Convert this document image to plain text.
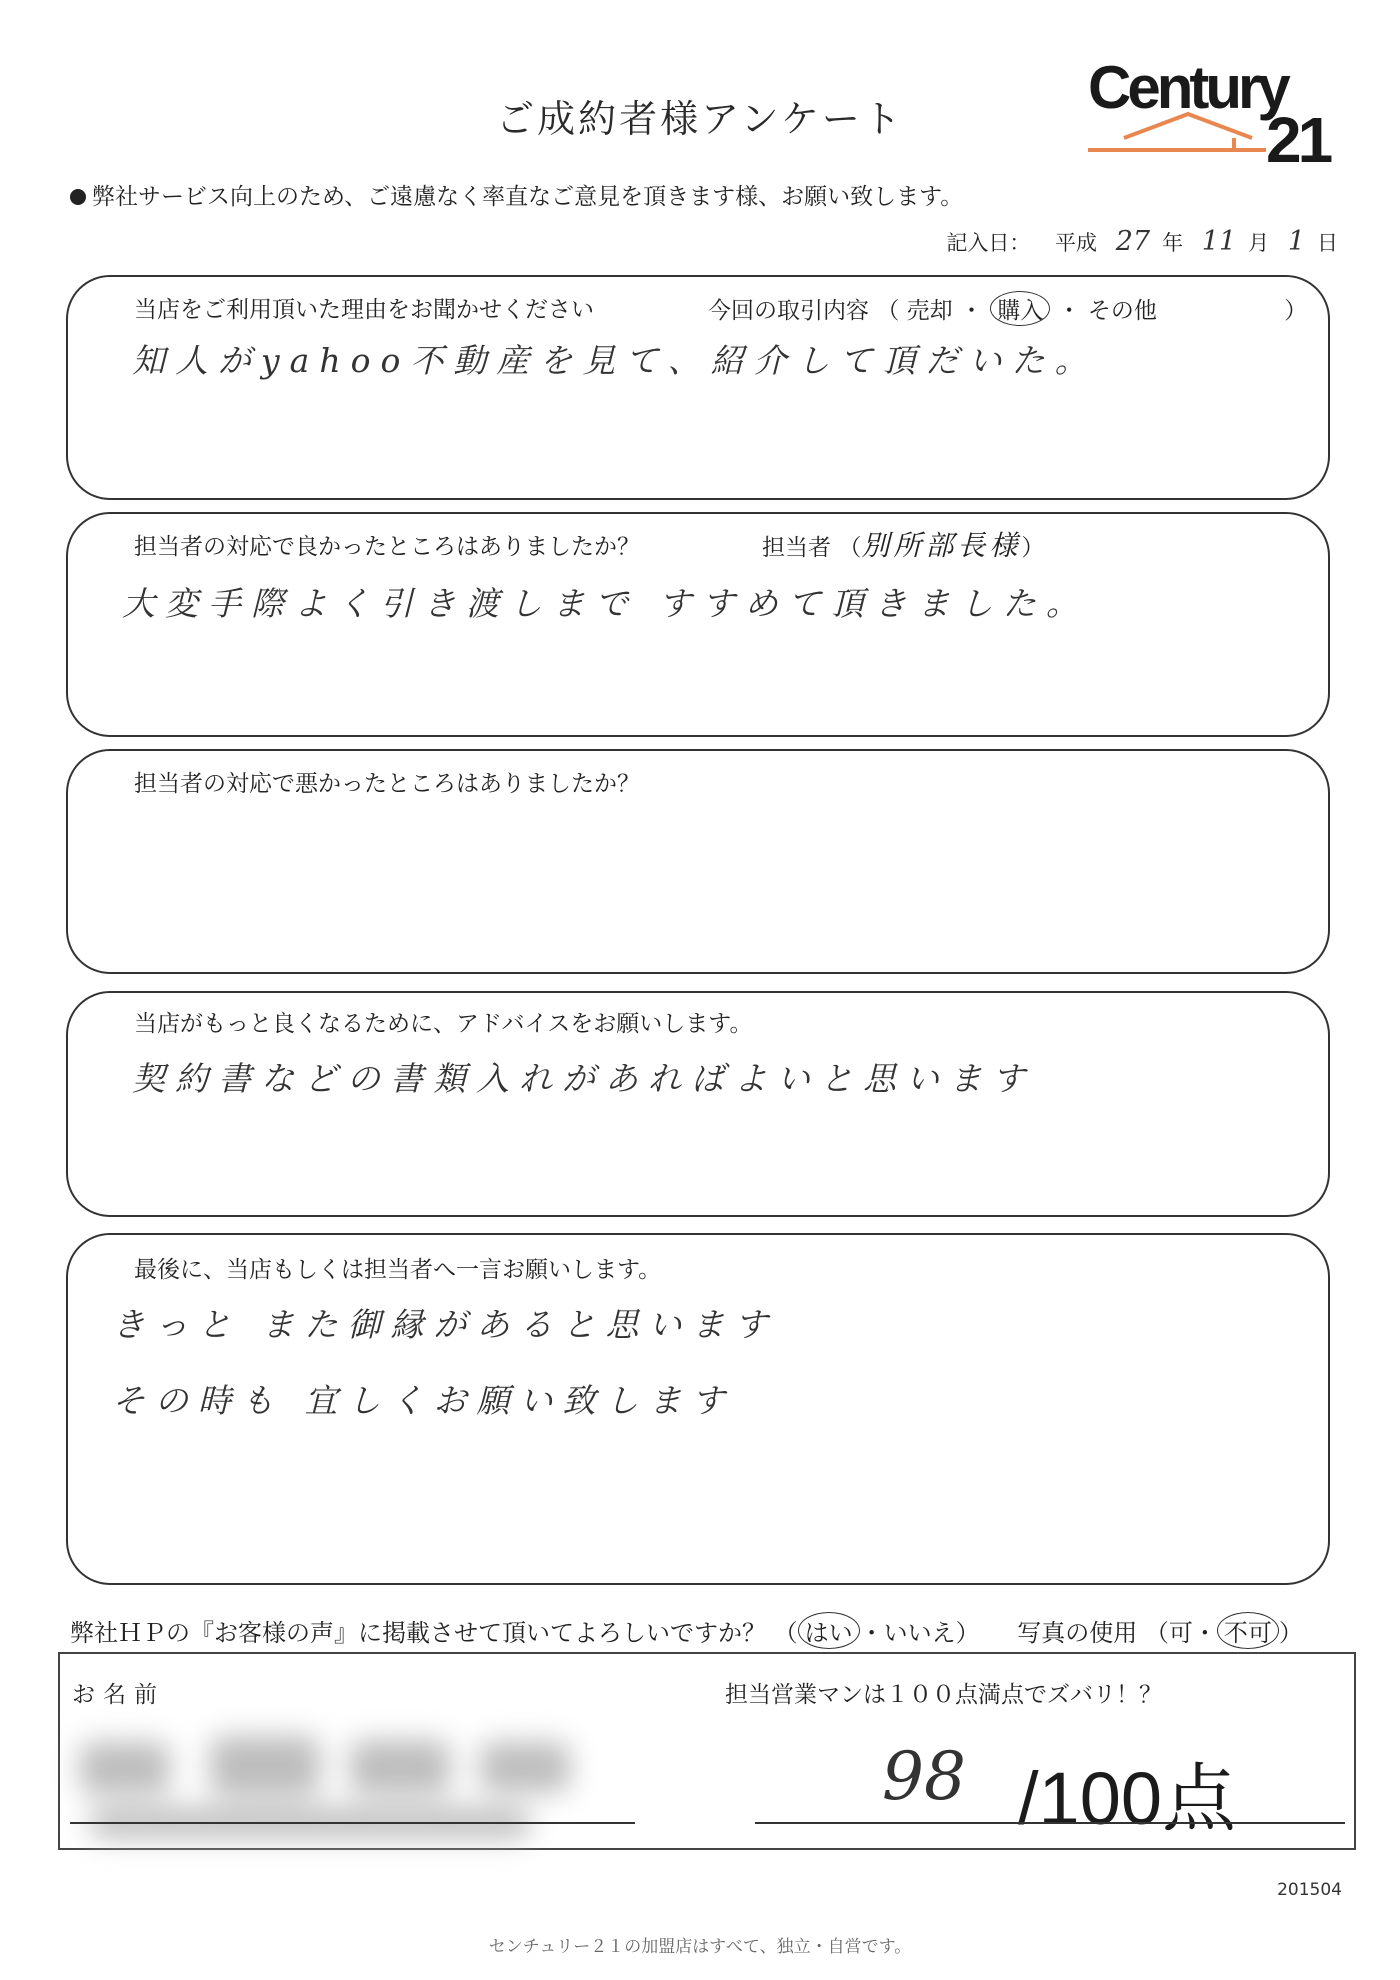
ご成約者様アンケート	Century
21
弊社サービス向上のため、ご遠慮なく率直なご意見を頂きます様、お願い致します。
記入日： 平成 27 年 11 月 1 日
当店をご利用頂いた理由をお聞かせください	今回の取引内容 （ 売却 ・ 購入 ・ その他	）
知人がyahoo不動産を見て、紹介して頂だいた。
担当者の対応で良かったところはありましたか？	担当者 （別所部長様）
大変手際よく引き渡しまで すすめて頂きました。
担当者の対応で悪かったところはありましたか？
当店がもっと良くなるために、アドバイスをお願いします。
契約書などの書類入れがあればよいと思います
最後に、当店もしくは担当者へ一言お願いします。
きっと また御縁があると思います
その時も 宜しくお願い致します
弊社ＨＰの『お客様の声』に掲載させて頂いてよろしいですか？ （ はい ・いいえ） 写真の使用 （可・ 不可 ）
お名前	担当営業マンは１００点満点でズバリ！？
98 /100点
201504
センチュリー２１の加盟店はすべて、独立・自営です。
